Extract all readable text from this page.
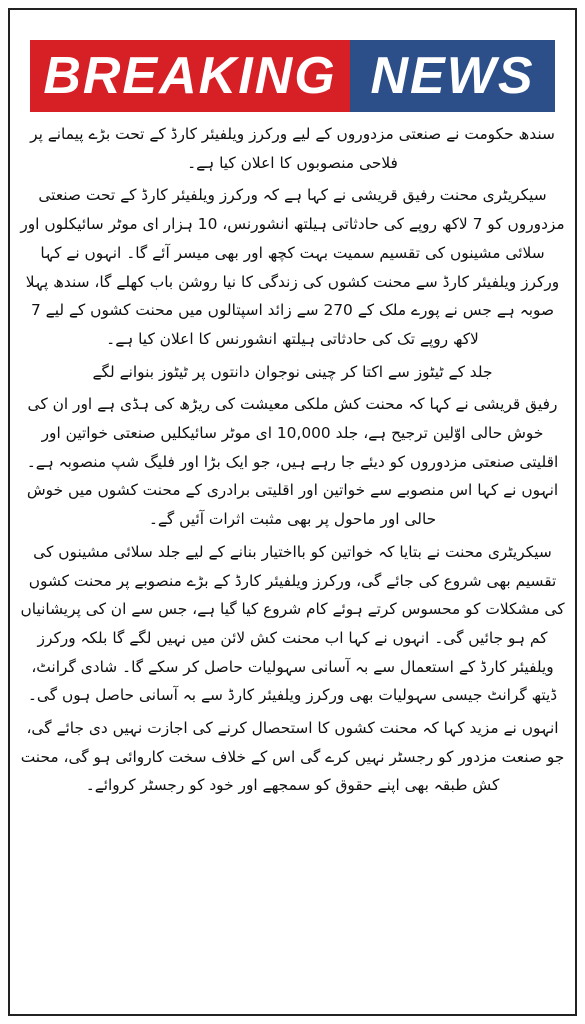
BREAKING NEWS

سندھ حکومت نے صنعتی مزدوروں کے لیے ورکرز ویلفیئر کارڈ کے تحت بڑے پیمانے پر فلاحی منصوبوں کا اعلان کیا ہے۔

سیکریٹری محنت رفیق قریشی نے کہا ہے کہ ورکرز ویلفیئر کارڈ کے تحت صنعتی مزدوروں کو 7 لاکھ روپے کی حادثاتی ہیلتھ انشورنس، 10 ہزار ای موٹر سائیکلوں اور سلائی مشینوں کی تقسیم سمیت بہت کچھ اور بھی میسر آئے گا۔ انہوں نے کہا ورکرز ویلفیئر کارڈ سے محنت کشوں کی زندگی کا نیا روشن باب کھلے گا، سندھ پہلا صوبہ ہے جس نے پورے ملک کے 270 سے زائد اسپتالوں میں محنت کشوں کے لیے 7 لاکھ روپے تک کی حادثاتی ہیلتھ انشورنس کا اعلان کیا ہے۔

جلد کے ٹیٹوز سے اکتا کر چینی نوجوان دانتوں پر ٹیٹوز بنوانے لگے

رفیق قریشی نے کہا کہ محنت کش ملکی معیشت کی ریڑھ کی ہڈی ہے اور ان کی خوش حالی اوّلین ترجیح ہے، جلد 10,000 ای موٹر سائیکلیں صنعتی خواتین اور اقلیتی صنعتی مزدوروں کو دیئے جا رہے ہیں، جو ایک بڑا اور فلیگ شپ منصوبہ ہے۔ انہوں نے کہا اس منصوبے سے خواتین اور اقلیتی برادری کے محنت کشوں میں خوش حالی اور ماحول پر بھی مثبت اثرات آئیں گے۔

سیکریٹری محنت نے بتایا کہ خواتین کو بااختیار بنانے کے لیے جلد سلائی مشینوں کی تقسیم بھی شروع کی جائے گی، ورکرز ویلفیئر کارڈ کے بڑے منصوبے پر محنت کشوں کی مشکلات کو محسوس کرتے ہوئے کام شروع کیا گیا ہے، جس سے ان کی پریشانیاں کم ہو جائیں گی۔ انہوں نے کہا اب محنت کش لائن میں نہیں لگے گا بلکہ ورکرز ویلفیئر کارڈ کے استعمال سے بہ آسانی سہولیات حاصل کر سکے گا۔ شادی گرانٹ، ڈیتھ گرانٹ جیسی سہولیات بھی ورکرز ویلفیئر کارڈ سے بہ آسانی حاصل ہوں گی۔

انہوں نے مزید کہا کہ محنت کشوں کا استحصال کرنے کی اجازت نہیں دی جائے گی، جو صنعت مزدور کو رجسٹر نہیں کرے گی اس کے خلاف سخت کاروائی ہو گی، محنت کش طبقہ بھی اپنے حقوق کو سمجھے اور خود کو رجسٹر کروائے۔
